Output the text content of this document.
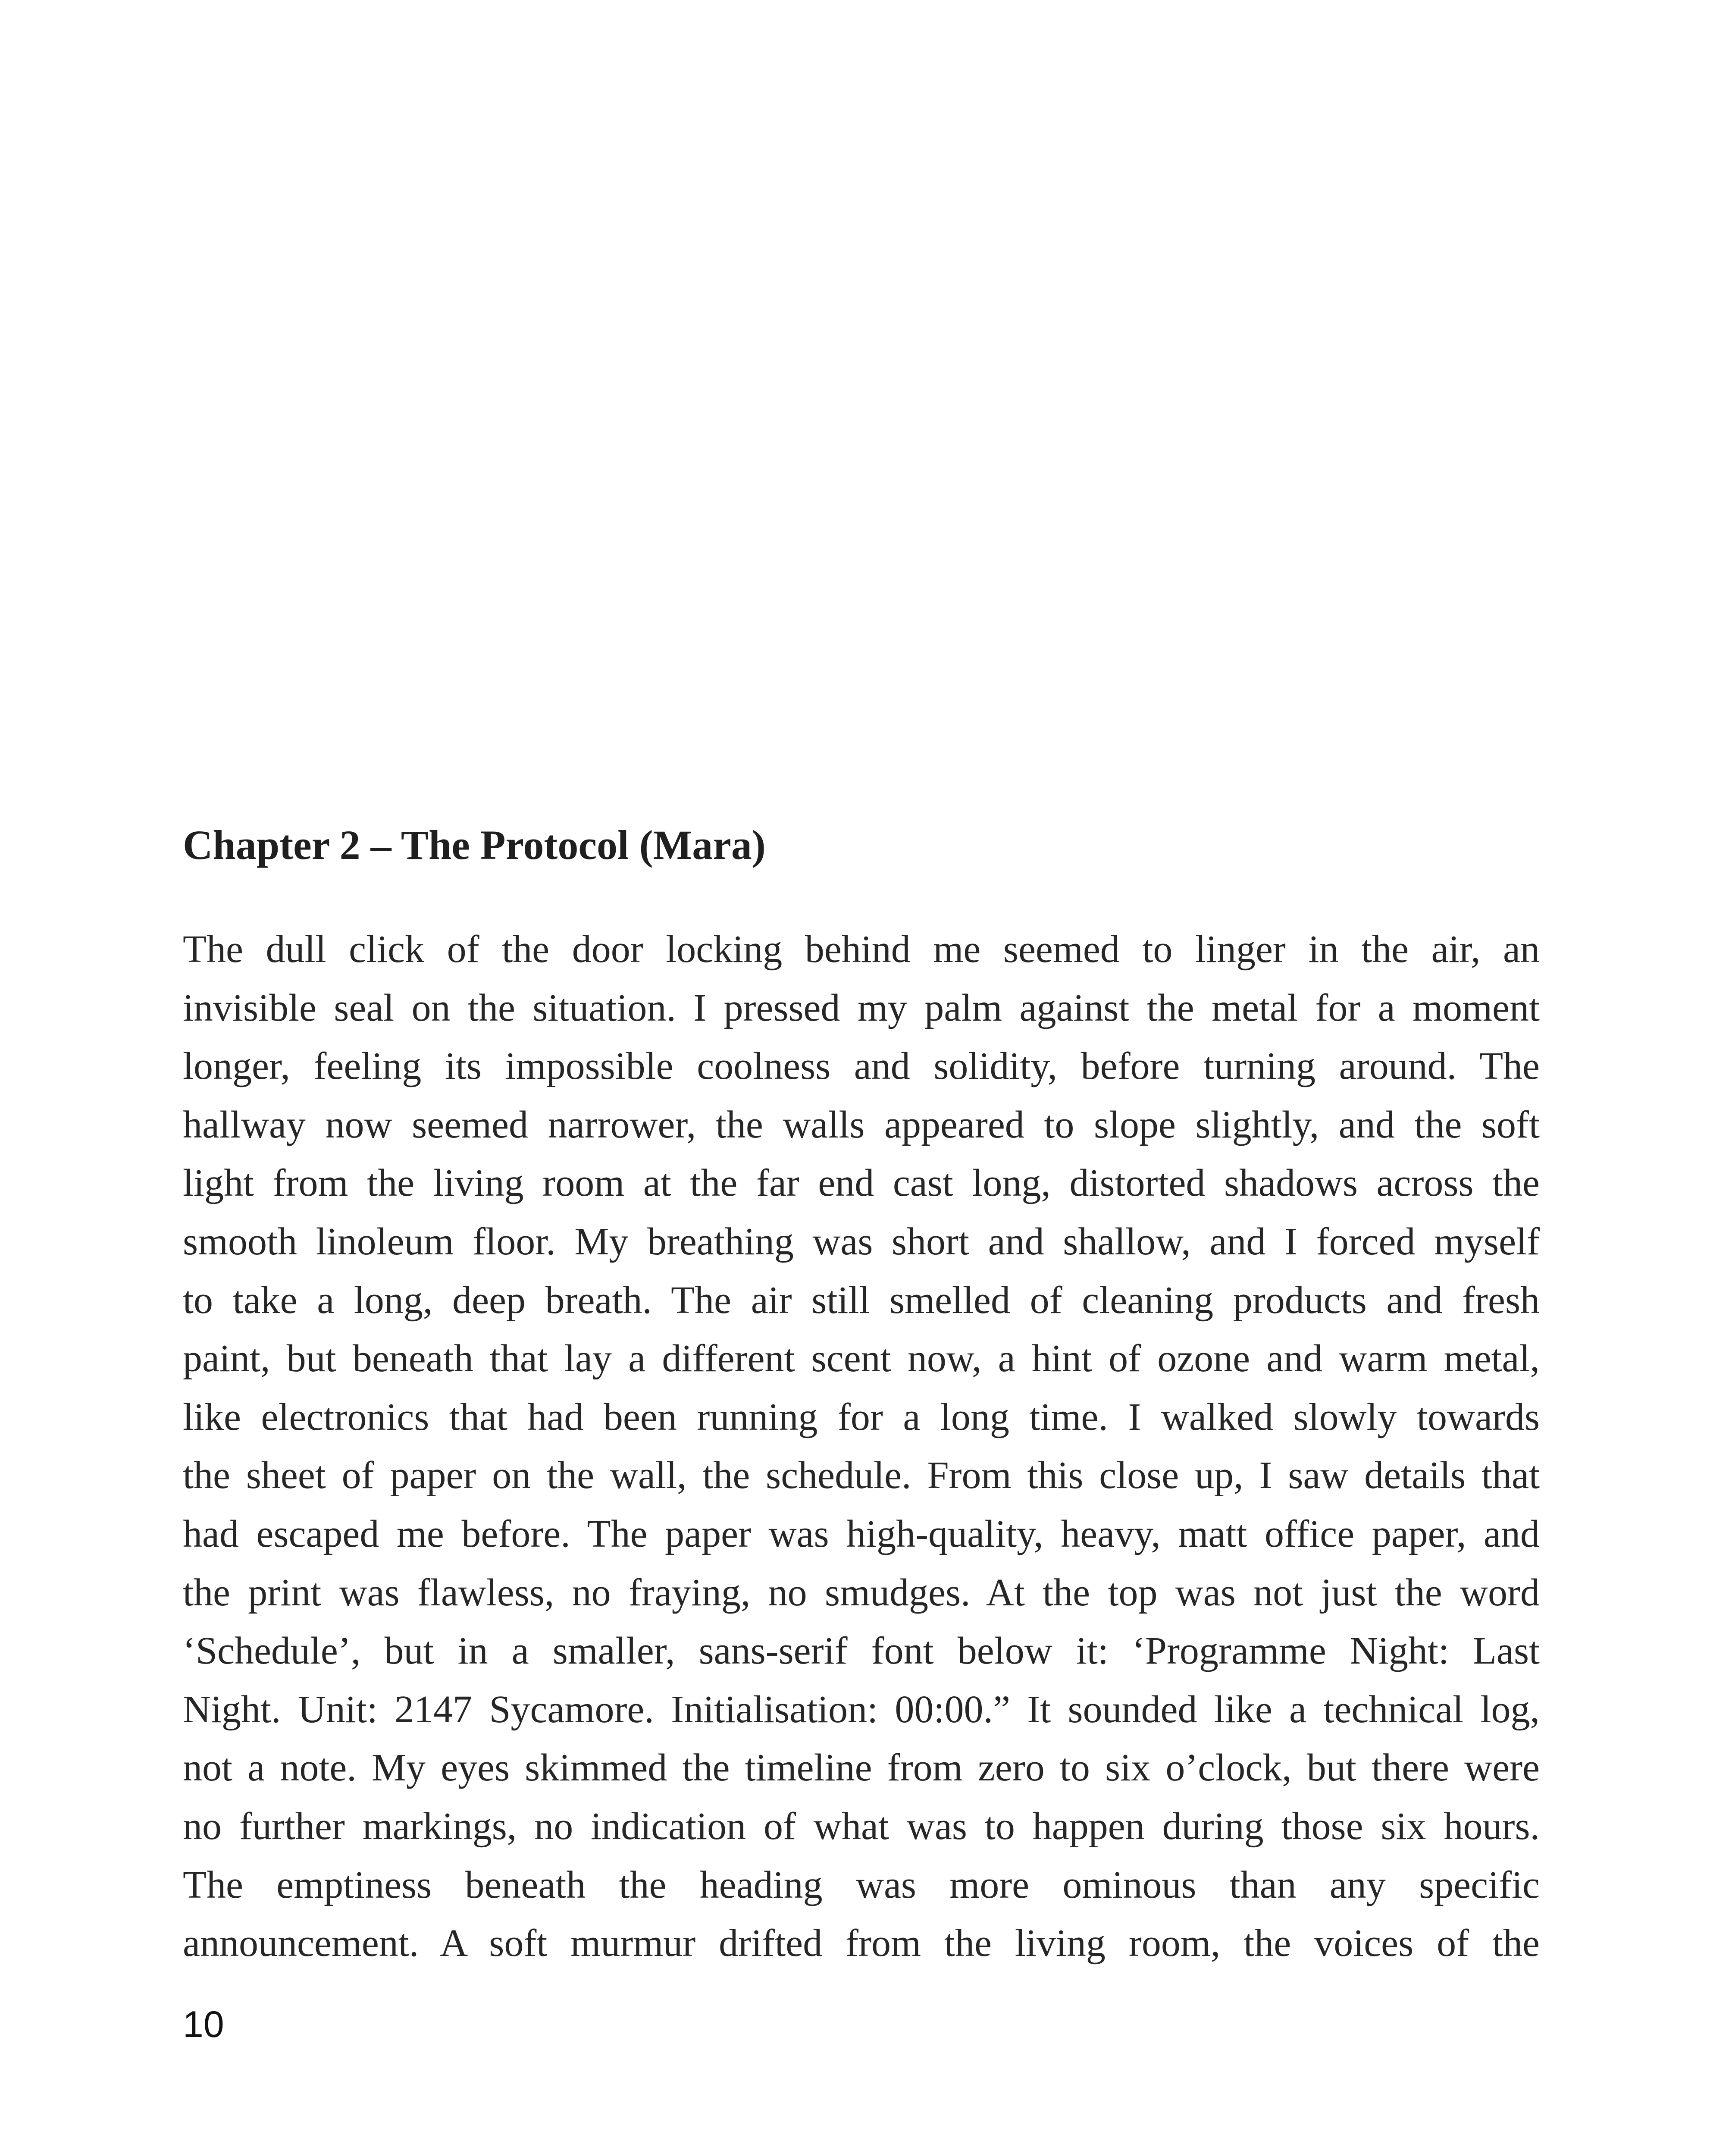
Chapter 2 – The Protocol (Mara)
The dull click of the door locking behind me seemed to linger in the air, an
invisible seal on the situation. I pressed my palm against the metal for a moment
longer, feeling its impossible coolness and solidity, before turning around. The
hallway now seemed narrower, the walls appeared to slope slightly, and the soft
light from the living room at the far end cast long, distorted shadows across the
smooth linoleum floor. My breathing was short and shallow, and I forced myself
to take a long, deep breath. The air still smelled of cleaning products and fresh
paint, but beneath that lay a different scent now, a hint of ozone and warm metal,
like electronics that had been running for a long time. I walked slowly towards
the sheet of paper on the wall, the schedule. From this close up, I saw details that
had escaped me before. The paper was high-quality, heavy, matt office paper, and
the print was flawless, no fraying, no smudges. At the top was not just the word
‘Schedule’, but in a smaller, sans-serif font below it: ‘Programme Night: Last
Night. Unit: 2147 Sycamore. Initialisation: 00:00.” It sounded like a technical log,
not a note. My eyes skimmed the timeline from zero to six o’clock, but there were
no further markings, no indication of what was to happen during those six hours.
The emptiness beneath the heading was more ominous than any specific
announcement. A soft murmur drifted from the living room, the voices of the
10
